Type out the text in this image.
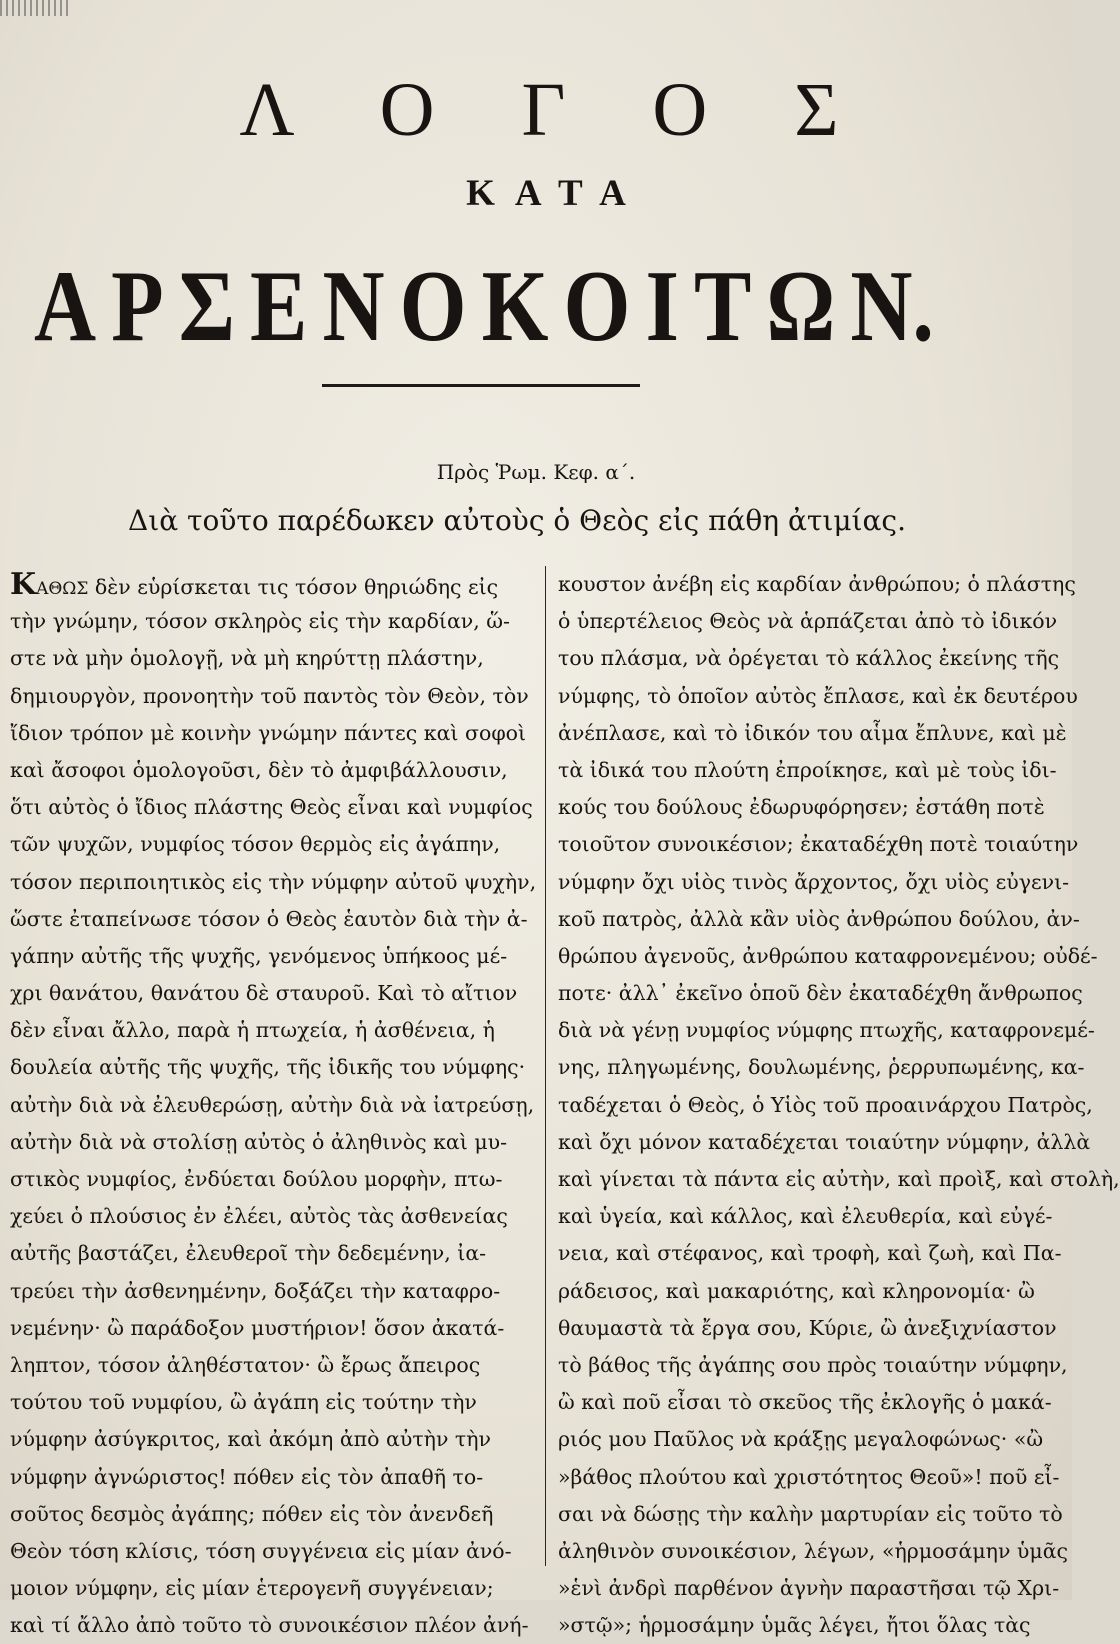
Λ Ο Γ Ο Σ
ΚΑΤΑ
Α Ρ Σ Ε Ν Ο Κ Ο Ι Τ Ω Ν.
Πρὸς Ῥωμ. Κεφ. α΄.
Διὰ τοῦτο παρέδωκεν αὐτοὺς ὁ Θεὸς εἰς πάθη ἀτιμίας.
ΚΑΘΩΣ δὲν εὑρίσκεται τις τόσον θηριώδης εἰς
τὴν γνώμην, τόσον σκληρὸς εἰς τὴν καρδίαν, ὥ-
στε νὰ μὴν ὁμολογῇ, νὰ μὴ κηρύττῃ πλάστην,
δημιουργὸν, προνοητὴν τοῦ παντὸς τὸν Θεὸν, τὸν
ἴδιον τρόπον μὲ κοινὴν γνώμην πάντες καὶ σοφοὶ
καὶ ἄσοφοι ὁμολογοῦσι, δὲν τὸ ἀμφιβάλλουσιν,
ὅτι αὐτὸς ὁ ἴδιος πλάστης Θεὸς εἶναι καὶ νυμφίος
τῶν ψυχῶν, νυμφίος τόσον θερμὸς εἰς ἀγάπην,
τόσον περιποιητικὸς εἰς τὴν νύμφην αὐτοῦ ψυχὴν,
ὥστε ἐταπείνωσε τόσον ὁ Θεὸς ἑαυτὸν διὰ τὴν ἀ-
γάπην αὐτῆς τῆς ψυχῆς, γενόμενος ὑπήκοος μέ-
χρι θανάτου, θανάτου δὲ σταυροῦ. Καὶ τὸ αἴτιον
δὲν εἶναι ἄλλο, παρὰ ἡ πτωχεία, ἡ ἀσθένεια, ἡ
δουλεία αὐτῆς τῆς ψυχῆς, τῆς ἰδικῆς του νύμφης·
αὐτὴν διὰ νὰ ἐλευθερώσῃ, αὐτὴν διὰ νὰ ἰατρεύσῃ,
αὐτὴν διὰ νὰ στολίσῃ αὐτὸς ὁ ἀληθινὸς καὶ μυ-
στικὸς νυμφίος, ἐνδύεται δούλου μορφὴν, πτω-
χεύει ὁ πλούσιος ἐν ἐλέει, αὐτὸς τὰς ἀσθενείας
αὐτῆς βαστάζει, ἐλευθεροῖ τὴν δεδεμένην, ἰα-
τρεύει τὴν ἀσθενημένην, δοξάζει τὴν καταφρο-
νεμένην· ὢ παράδοξον μυστήριον! ὅσον ἀκατά-
ληπτον, τόσον ἀληθέστατον· ὢ ἔρως ἄπειρος
τούτου τοῦ νυμφίου, ὢ ἀγάπη εἰς τούτην τὴν
νύμφην ἀσύγκριτος, καὶ ἀκόμη ἀπὸ αὐτὴν τὴν
νύμφην ἀγνώριστος! πόθεν εἰς τὸν ἀπαθῆ το-
σοῦτος δεσμὸς ἀγάπης; πόθεν εἰς τὸν ἀνενδεῆ
Θεὸν τόση κλίσις, τόση συγγένεια εἰς μίαν ἀνό-
μοιον νύμφην, εἰς μίαν ἑτερογενῆ συγγένειαν;
καὶ τί ἄλλο ἀπὸ τοῦτο τὸ συνοικέσιον πλέον ἀνή-
κουστον ἀνέβη εἰς καρδίαν ἀνθρώπου; ὁ πλάστης
ὁ ὑπερτέλειος Θεὸς νὰ ἁρπάζεται ἀπὸ τὸ ἰδικόν
του πλάσμα, νὰ ὀρέγεται τὸ κάλλος ἐκείνης τῆς
νύμφης, τὸ ὁποῖον αὐτὸς ἔπλασε, καὶ ἐκ δευτέρου
ἀνέπλασε, καὶ τὸ ἰδικόν του αἷμα ἔπλυνε, καὶ μὲ
τὰ ἰδικά του πλούτη ἐπροίκησε, καὶ μὲ τοὺς ἰδι-
κούς του δούλους ἐδωρυφόρησεν; ἐστάθη ποτὲ
τοιοῦτον συνοικέσιον; ἐκαταδέχθη ποτὲ τοιαύτην
νύμφην ὄχι υἱὸς τινὸς ἄρχοντος, ὄχι υἱὸς εὐγενι-
κοῦ πατρὸς, ἀλλὰ κἂν υἱὸς ἀνθρώπου δούλου, ἀν-
θρώπου ἀγενοῦς, ἀνθρώπου καταφρονεμένου; οὐδέ-
ποτε· ἀλλ᾽ ἐκεῖνο ὁποῦ δὲν ἐκαταδέχθη ἄνθρωπος
διὰ νὰ γένῃ νυμφίος νύμφης πτωχῆς, καταφρονεμέ-
νης, πληγωμένης, δουλωμένης, ῥερρυπωμένης, κα-
ταδέχεται ὁ Θεὸς, ὁ Υἱὸς τοῦ προαινάρχου Πατρὸς,
καὶ ὄχι μόνον καταδέχεται τοιαύτην νύμφην, ἀλλὰ
καὶ γίνεται τὰ πάντα εἰς αὐτὴν, καὶ προὶξ, καὶ στολὴ,
καὶ ὑγεία, καὶ κάλλος, καὶ ἐλευθερία, καὶ εὐγέ-
νεια, καὶ στέφανος, καὶ τροφὴ, καὶ ζωὴ, καὶ Πα-
ράδεισος, καὶ μακαριότης, καὶ κληρονομία· ὢ
θαυμαστὰ τὰ ἔργα σου, Κύριε, ὢ ἀνεξιχνίαστον
τὸ βάθος τῆς ἀγάπης σου πρὸς τοιαύτην νύμφην,
ὢ καὶ ποῦ εἶσαι τὸ σκεῦος τῆς ἐκλογῆς ὁ μακά-
ριός μου Παῦλος νὰ κράξῃς μεγαλοφώνως· «ὢ
»βάθος πλούτου καὶ χριστότητος Θεοῦ»! ποῦ εἶ-
σαι νὰ δώσῃς τὴν καλὴν μαρτυρίαν εἰς τοῦτο τὸ
ἀληθινὸν συνοικέσιον, λέγων, «ἡρμοσάμην ὑμᾶς
»ἑνὶ ἀνδρὶ παρθένον ἁγνὴν παραστῆσαι τῷ Χρι-
»στῷ»; ἡρμοσάμην ὑμᾶς λέγει, ἤτοι ὅλας τὰς
